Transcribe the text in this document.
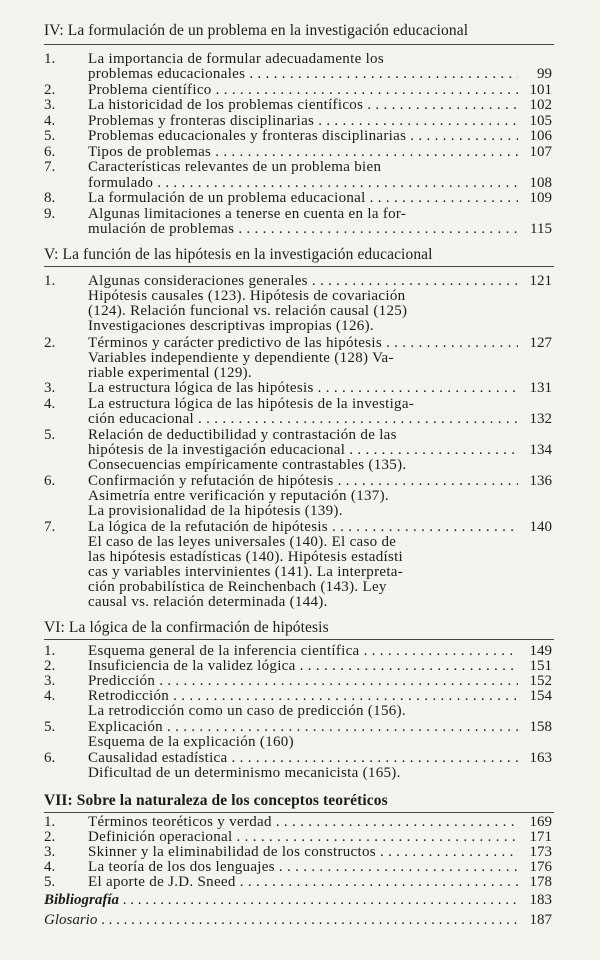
IV: La formulación de un problema en la investigación educacional
1. La importancia de formular adecuadamente los
problemas educacionales . . .	99
2. Problema científico . . .	101
3. La historicidad de los problemas científicos . . .	102
4. Problemas y fronteras disciplinarias . . .	105
5. Problemas educacionales y fronteras disciplinarias . . .	106
6. Tipos de problemas . . .	107
7. Características relevantes de un problema bien
formulado . . .	108
8. La formulación de un problema educacional . . .	109
9. Algunas limitaciones a tenerse en cuenta en la for-
mulación de problemas . . .	115
V: La función de las hipótesis en la investigación educacional
1. Algunas consideraciones generales . . .	121
Hipótesis causales (123). Hipótesis de covariación
(124). Relación funcional vs. relación causal (125)
Investigaciones descriptivas impropias (126).
2. Términos y carácter predictivo de las hipótesis . . .	127
Variables independiente y dependiente (128) Va-
riable experimental (129).
3. La estructura lógica de las hipótesis . . .	131
4. La estructura lógica de las hipótesis de la investiga-
ción educacional . . .	132
5. Relación de deductibilidad y contrastación de las
hipótesis de la investigación educacional . . .	134
Consecuencias empíricamente contrastables (135).
6. Confirmación y refutación de hipótesis . . .	136
Asimetría entre verificación y reputación (137).
La provisionalidad de la hipótesis (139).
7. La lógica de la refutación de hipótesis . . .	140
El caso de las leyes universales (140). El caso de
las hipótesis estadísticas (140). Hipótesis estadísti
cas y variables intervinientes (141). La interpreta-
ción probabilística de Reinchenbach (143). Ley
causal vs. relación determinada (144).
VI: La lógica de la confirmación de hipótesis
1. Esquema general de la inferencia científica . . .	149
2. Insuficiencia de la validez lógica . . .	151
3. Predicción . . .	152
4. Retrodicción . . .	154
La retrodicción como un caso de predicción (156).
5. Explicación . . .	158
Esquema de la explicación (160)
6. Causalidad estadística . . .	163
Dificultad de un determinismo mecanicista (165).
VII: Sobre la naturaleza de los conceptos teoréticos
1. Términos teoréticos y verdad . . .	169
2. Definición operacional . . .	171
3. Skinner y la eliminabilidad de los constructos . . .	173
4. La teoría de los dos lenguajes . . .	176
5. El aporte de J.D. Sneed . . .	178
Bibliografía . . .	183
Glosario . . .	187
